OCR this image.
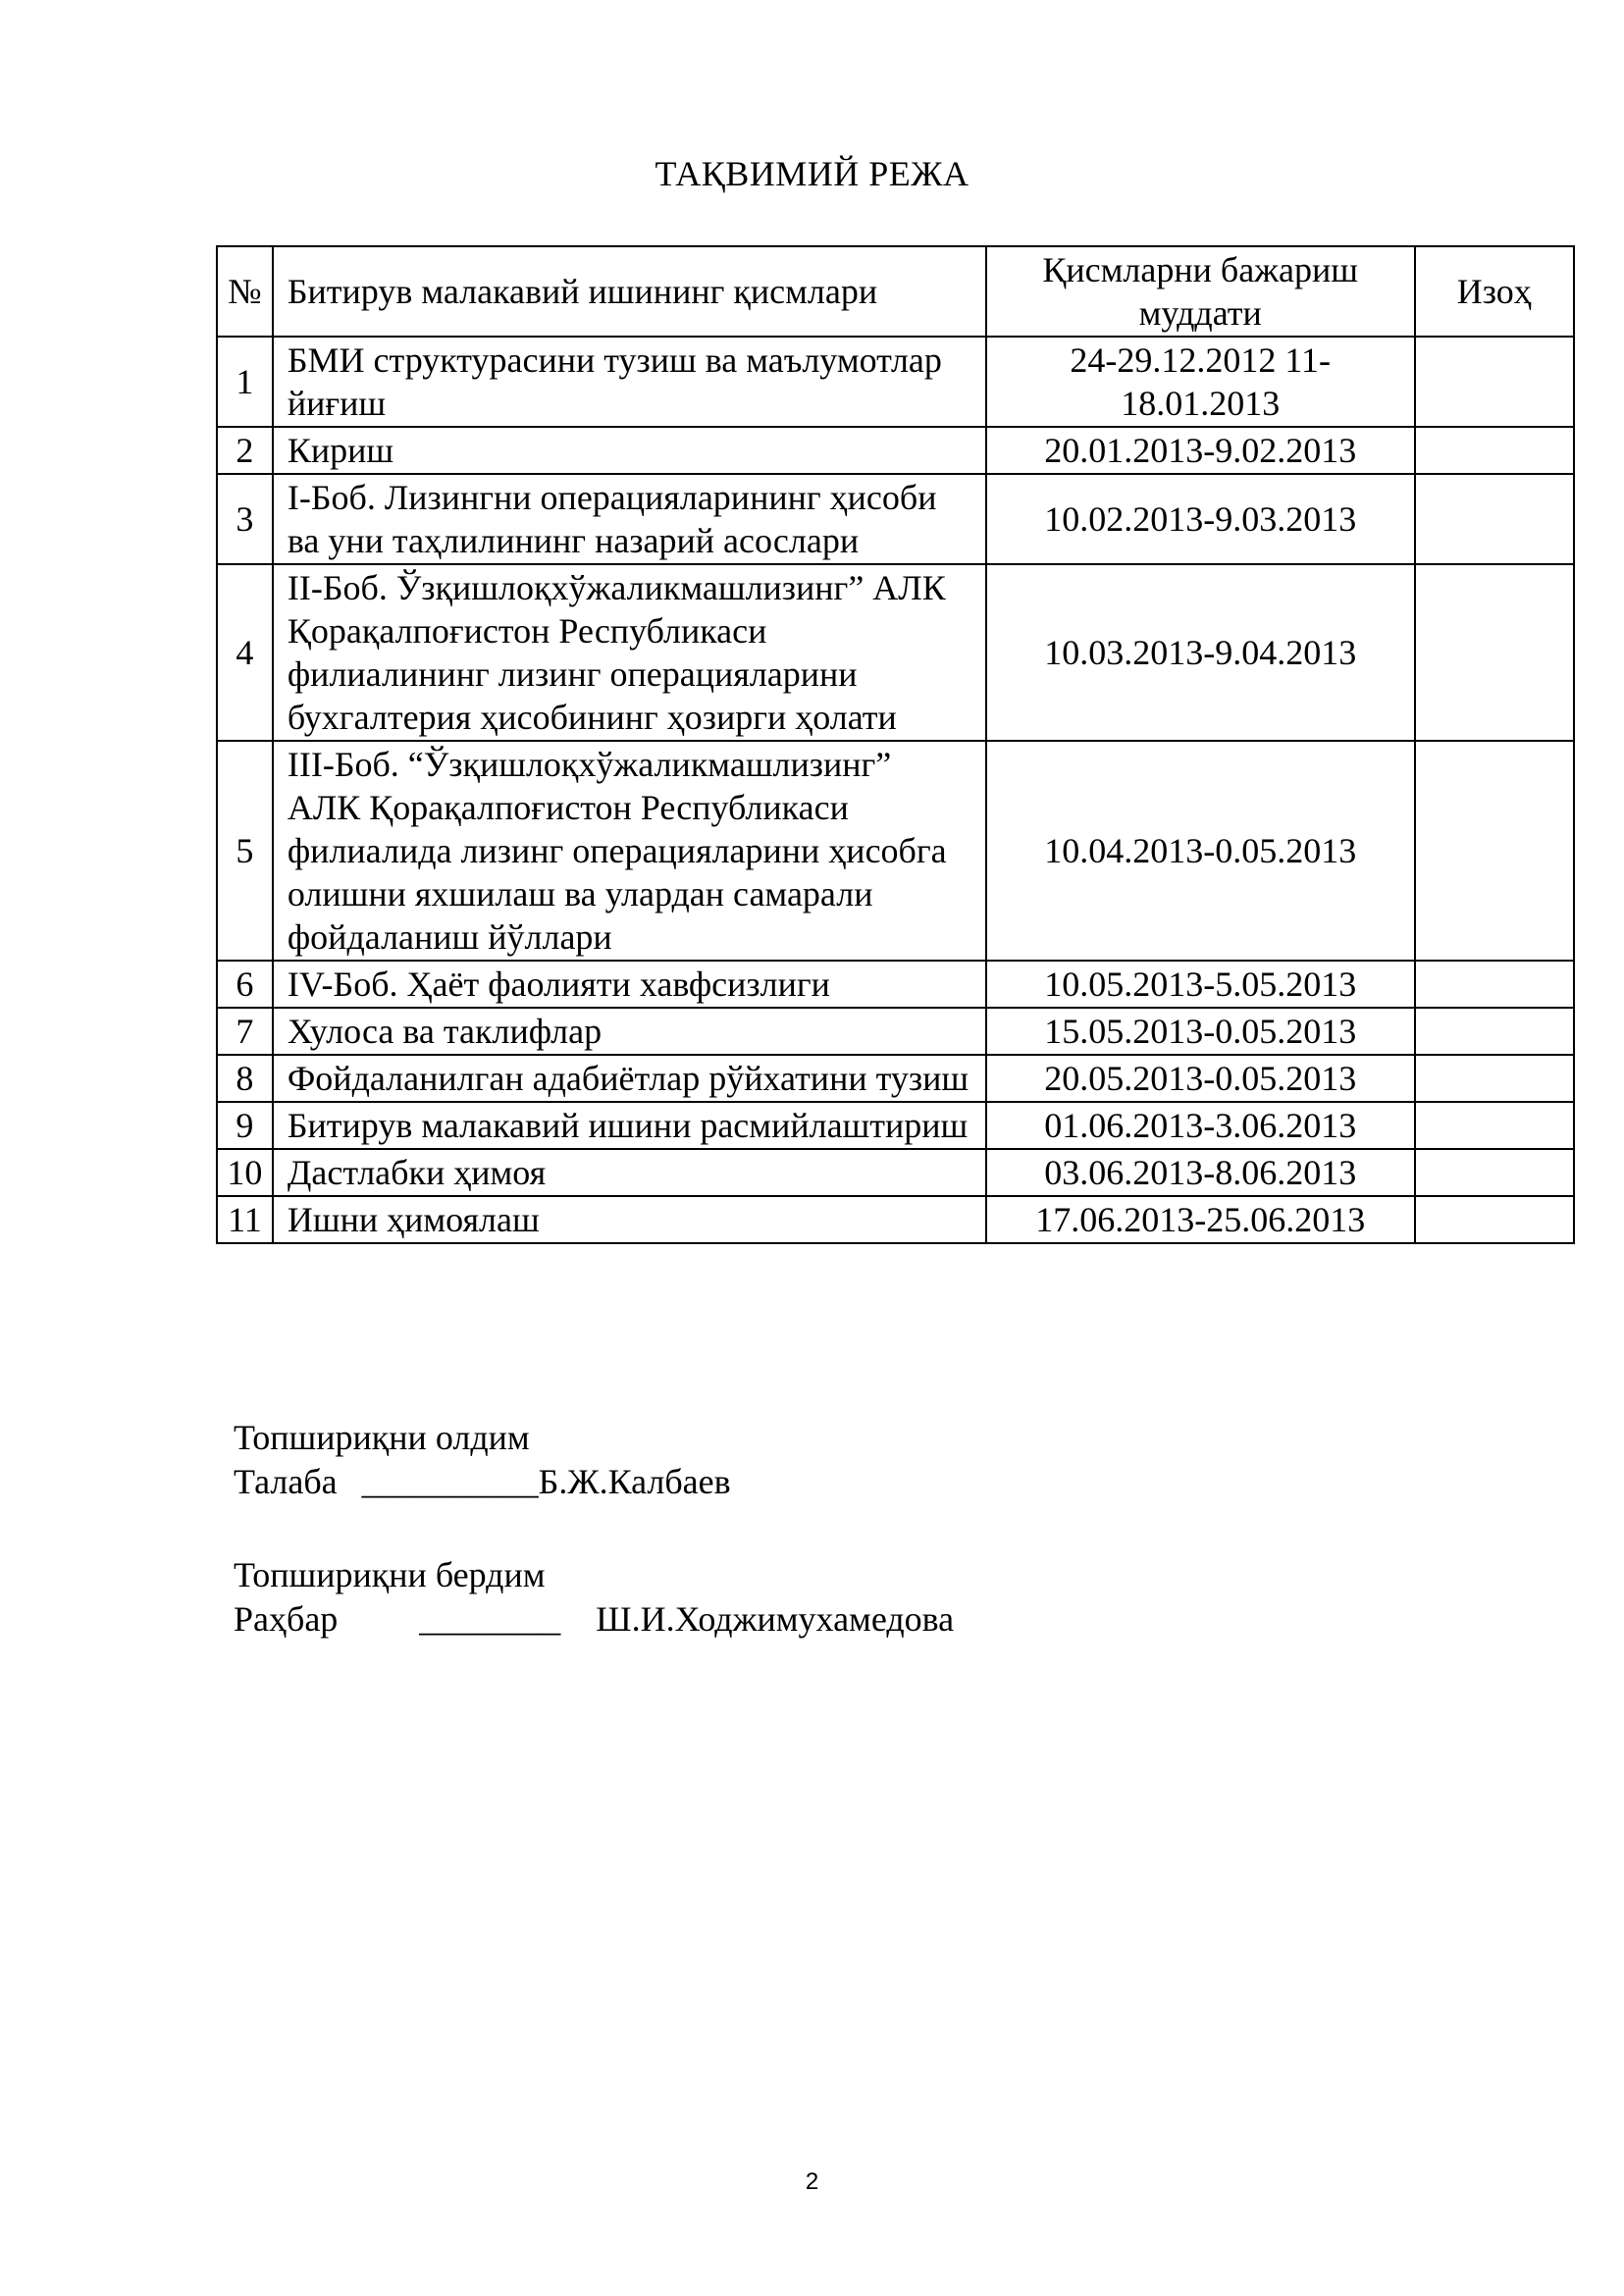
ТАҚВИМИЙ РЕЖА
№	Битирув малакавий ишининг қисмлари	Қисмларни бажариш муддати	Изоҳ
1	БМИ структурасини тузиш ва маълумотлар йиғиш	24-29.12.2012 11-18.01.2013	
2	Кириш	20.01.2013-9.02.2013	
3	I-Боб. Лизингни операцияларининг ҳисоби ва уни таҳлилининг назарий асослари	10.02.2013-9.03.2013	
4	II-Боб. Ўзқишлоқхўжаликмашлизинг” АЛК Қорақалпоғистон Республикаси филиалининг лизинг операцияларини бухгалтерия ҳисобининг ҳозирги ҳолати	10.03.2013-9.04.2013	
5	III-Боб. “Ўзқишлоқхўжаликмашлизинг” АЛК Қорақалпоғистон Республикаси филиалида лизинг операцияларини ҳисобга олишни яхшилаш ва улардан самарали фойдаланиш йўллари	10.04.2013-0.05.2013	
6	IV-Боб. Ҳаёт фаолияти хавфсизлиги	10.05.2013-5.05.2013	
7	Хулоса ва таклифлар	15.05.2013-0.05.2013	
8	Фойдаланилган адабиётлар рўйхатини тузиш	20.05.2013-0.05.2013	
9	Битирув малакавий ишини расмийлаштириш	01.06.2013-3.06.2013	
10	Дастлабки ҳимоя	03.06.2013-8.06.2013	
11	Ишни ҳимоялаш	17.06.2013-25.06.2013	
Топшириқни олдим
Талаба __________Б.Ж.Калбаев
Топшириқни бердим
Раҳбар ________ Ш.И.Ходжимухамедова
2
